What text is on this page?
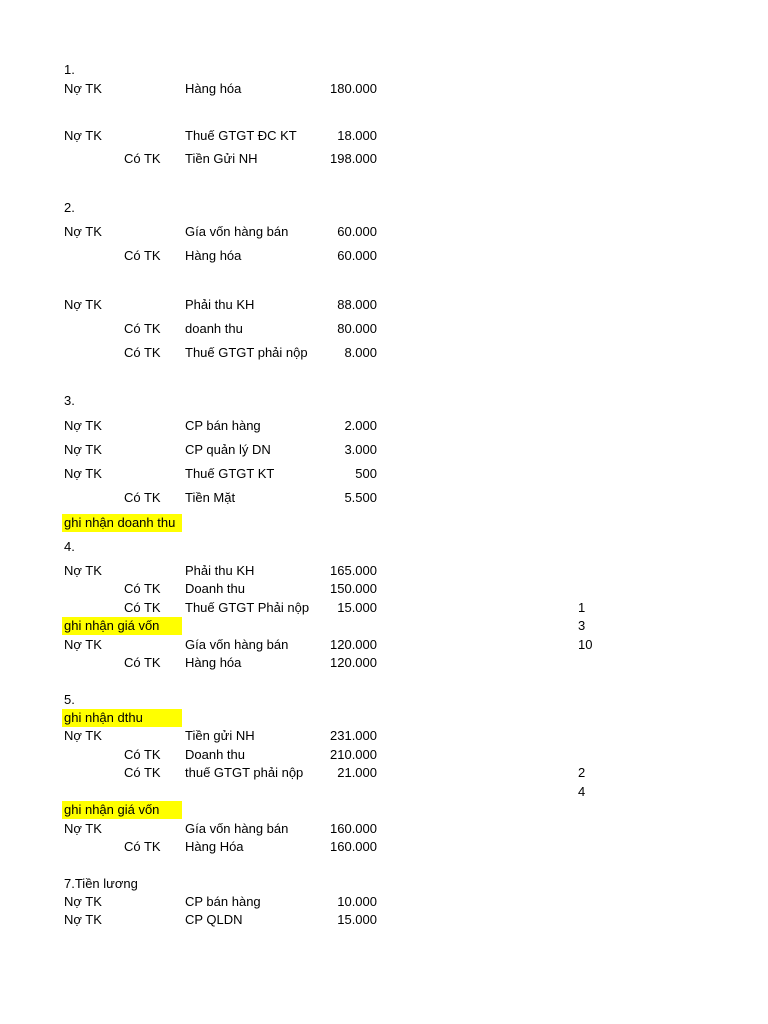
1.
Nợ TK	Hàng hóa	180.000
Nợ TK	Thuế GTGT ĐC KT	18.000
Có TK Tiền Gửi NH	198.000
2.
Nợ TK	Gía vốn hàng bán	60.000
Có TK Hàng hóa	60.000
Nợ TK	Phải thu KH	88.000
Có TK doanh thu	80.000
Có TK Thuế GTGT phải nộp	8.000
3.
Nợ TK	CP bán hàng	2.000
Nợ TK	CP quản lý DN	3.000
Nợ TK	Thuế GTGT KT	500
Có TK Tiền Mặt	5.500
ghi nhận doanh thu
4.
Nợ TK	Phải thu KH	165.000
Có TK Doanh thu	150.000
Có TK Thuế GTGT Phải nộp	15.000	1
ghi nhận giá vốn	3
Nợ TK	Gía vốn hàng bán	120.000	10
Có TK Hàng hóa	120.000
5.
ghi nhận dthu
Nợ TK	Tiền gửi NH	231.000
Có TK Doanh thu	210.000
Có TK thuế GTGT phải nộp	21.000	2
4
ghi nhận giá vốn
Nợ TK	Gía vốn hàng bán	160.000
Có TK Hàng Hóa	160.000
7.Tiền lương
Nợ TK	CP bán hàng	10.000
Nợ TK	CP QLDN	15.000
